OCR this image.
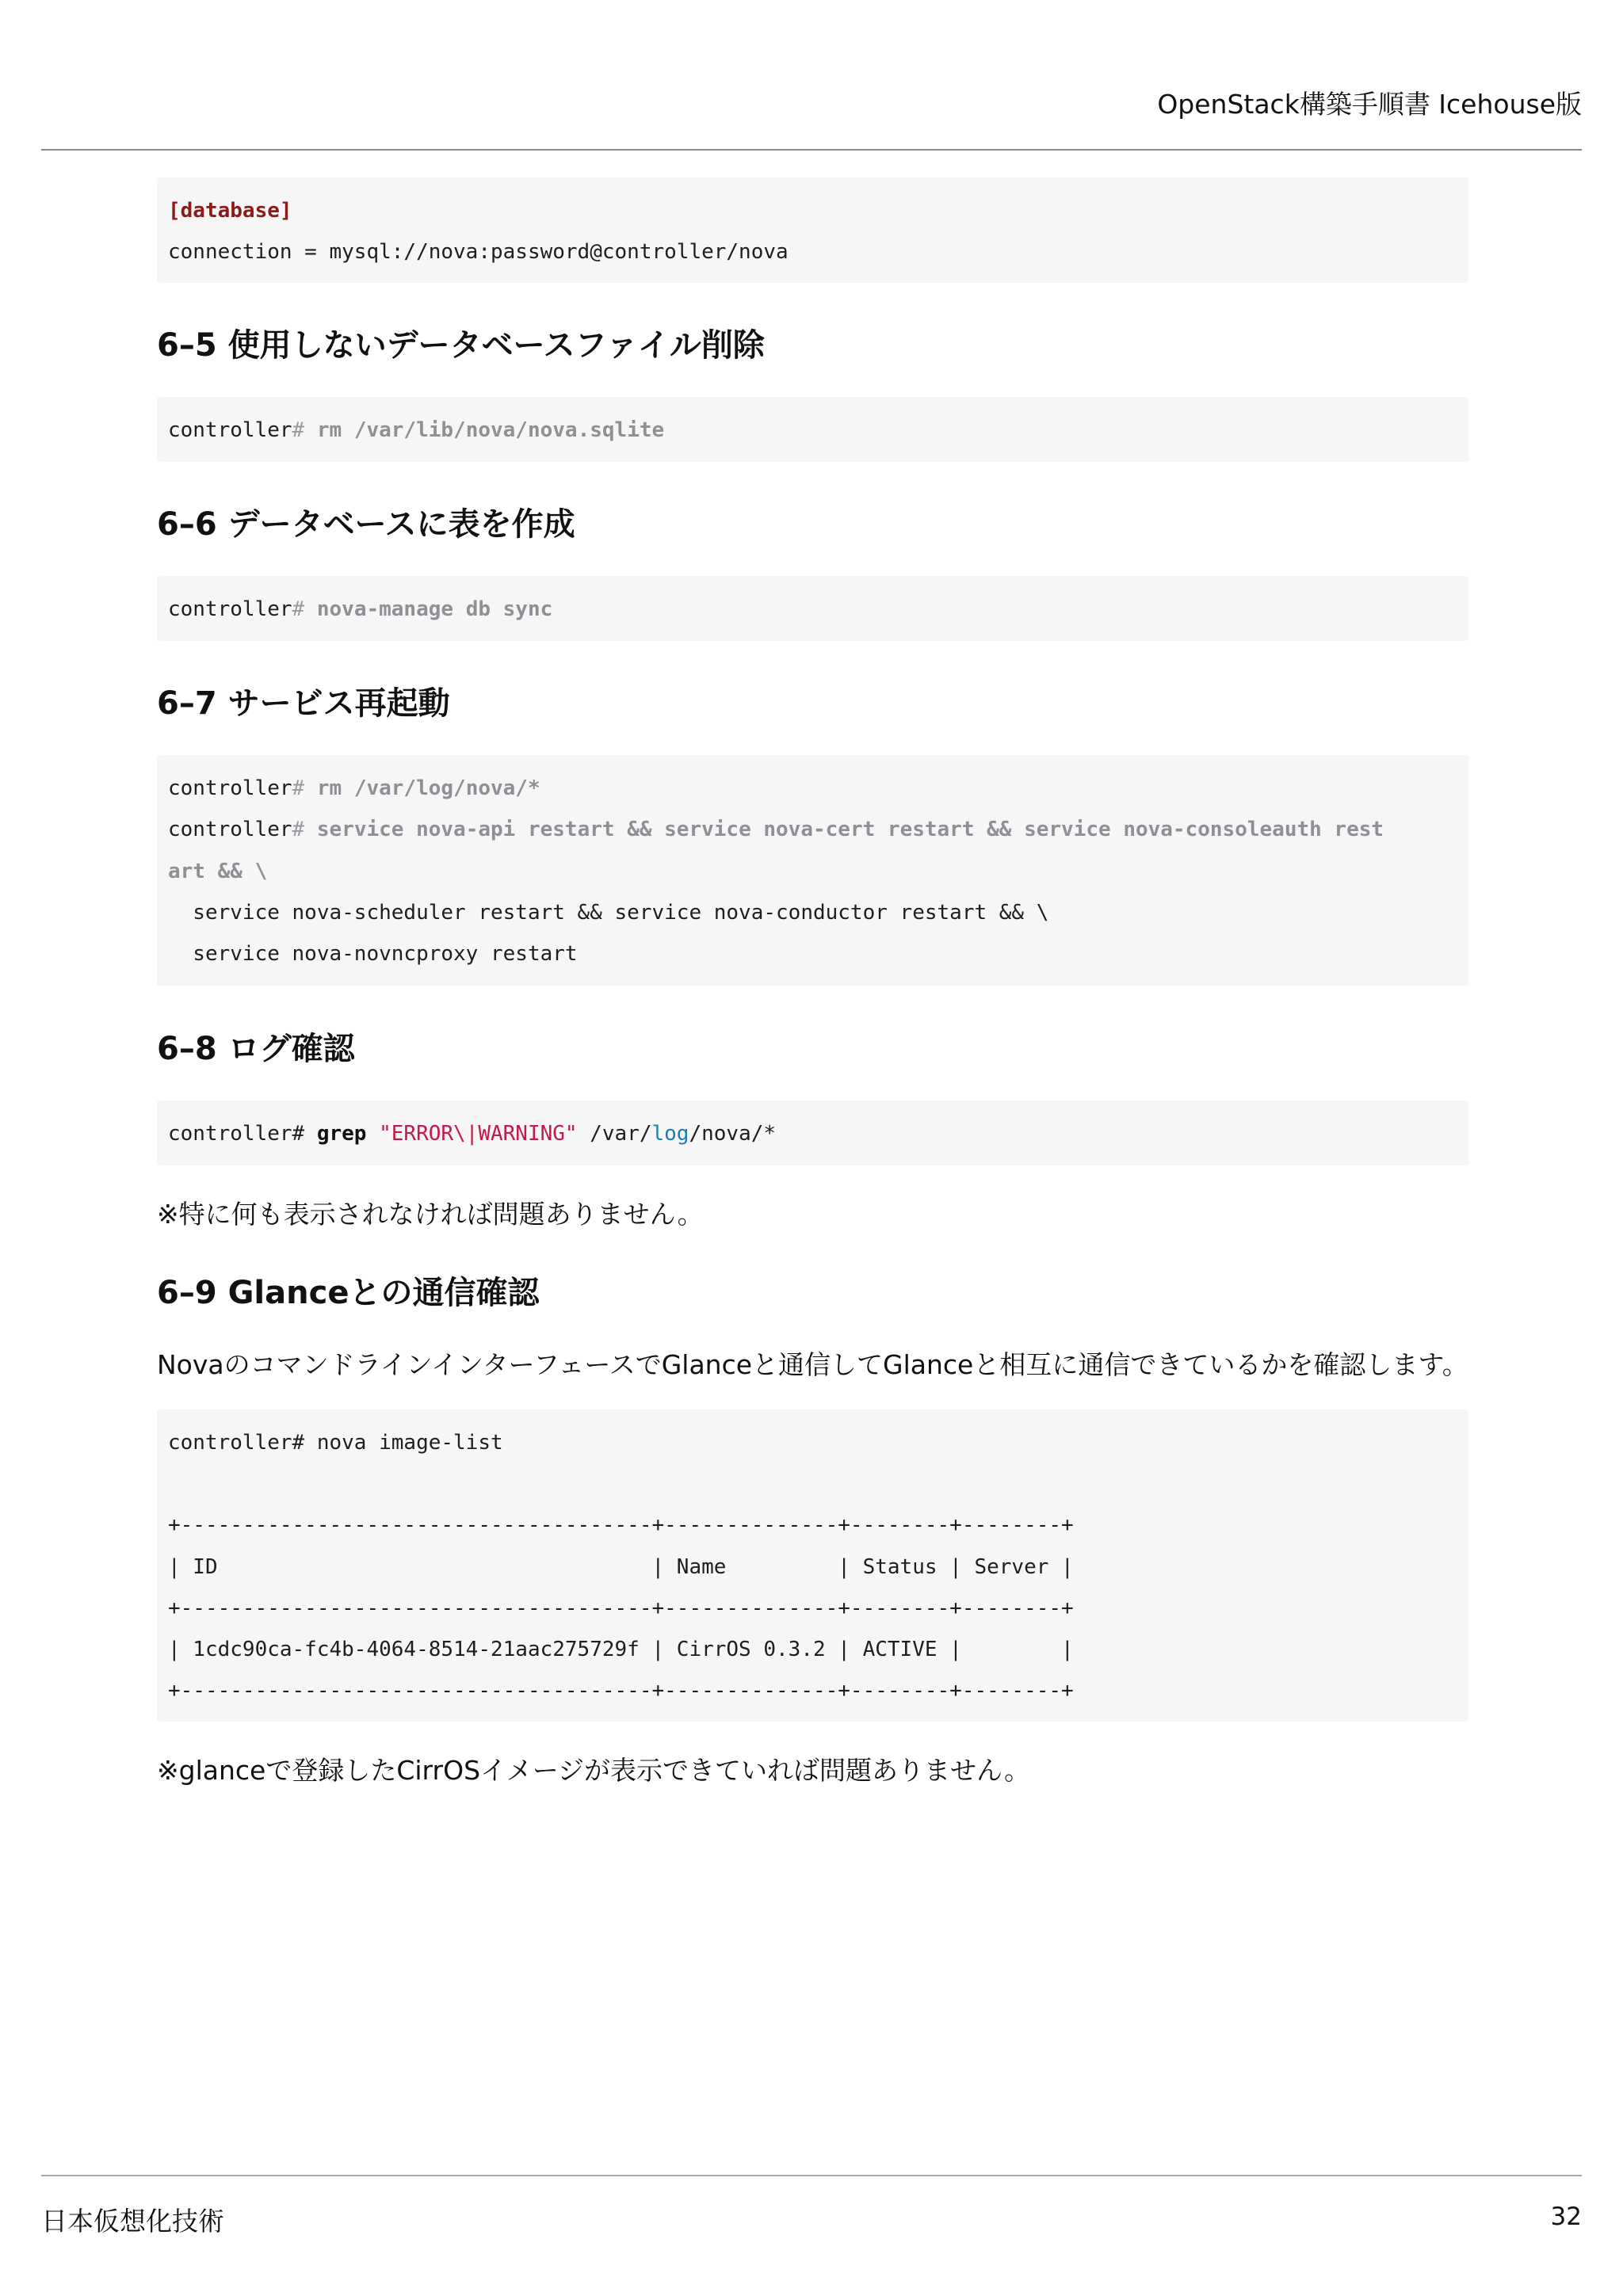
OpenStack構築手順書 Icehouse版
[database]
connection = mysql://nova:password@controller/nova
6–5 使用しないデータベースファイル削除
controller# rm /var/lib/nova/nova.sqlite
6–6 データベースに表を作成
controller# nova-manage db sync
6–7 サービス再起動
controller# rm /var/log/nova/*
controller# service nova-api restart && service nova-cert restart && service nova-consoleauth rest
art && \
service nova-scheduler restart && service nova-conductor restart && \
service nova-novncproxy restart
6–8 ログ確認
controller# grep "ERROR\|WARNING" /var/log/nova/*
※特に何も表示されなければ問題ありません。
6–9 Glanceとの通信確認
NovaのコマンドラインインターフェースでGlanceと通信してGlanceと相互に通信できているかを確認します。
controller# nova image-list
+--------------------------------------+--------------+--------+--------+
| ID                                   | Name         | Status | Server |
+--------------------------------------+--------------+--------+--------+
| 1cdc90ca-fc4b-4064-8514-21aac275729f | CirrOS 0.3.2 | ACTIVE |        |
+--------------------------------------+--------------+--------+--------+
※glanceで登録したCirrOSイメージが表示できていれば問題ありません。
日本仮想化技術	32
